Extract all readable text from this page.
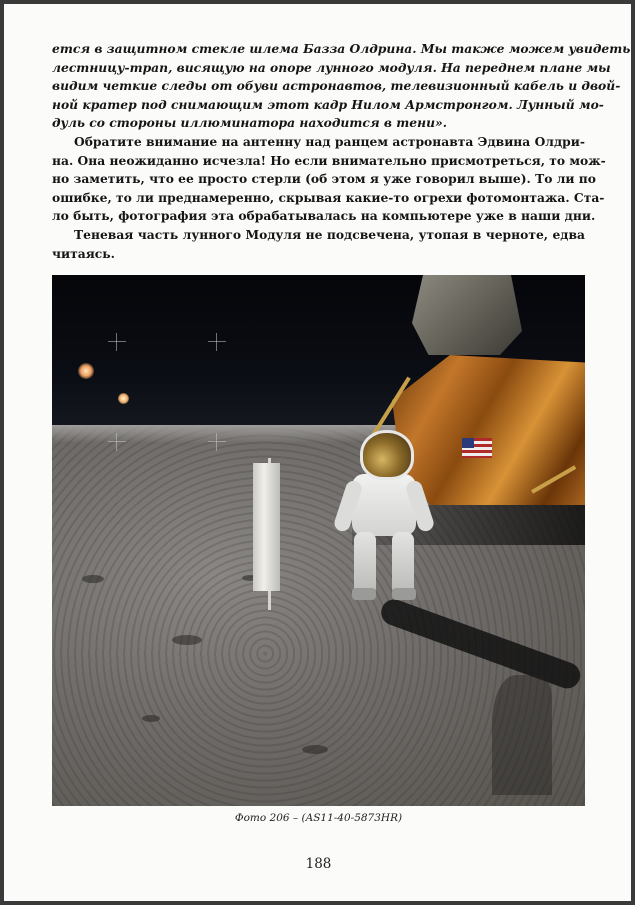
ется в защитном стекле шлема Базза Олдрина. Мы также можем увидеть
лестницу-трап, висящую на опоре лунного модуля. На переднем плане мы
видим четкие следы от обуви астронавтов, телевизионный кабель и двой-
ной кратер под снимающим этот кадр Нилом Армстронгом. Лунный мо-
дуль со стороны иллюминатора находится в тени».
Обратите внимание на антенну над ранцем астронавта Эдвина Олдри-
на. Она неожиданно исчезла! Но если внимательно присмотреться, то мож-
но заметить, что ее просто стерли (об этом я уже говорил выше). То ли по
ошибке, то ли преднамеренно, скрывая какие-то огрехи фотомонтажа. Ста-
ло быть, фотография эта обрабатывалась на компьютере уже в наши дни.
Теневая часть лунного Модуля не подсвечена, утопая в черноте, едва
читаясь.
Фото 206 – (AS11-40-5873HR)
188
